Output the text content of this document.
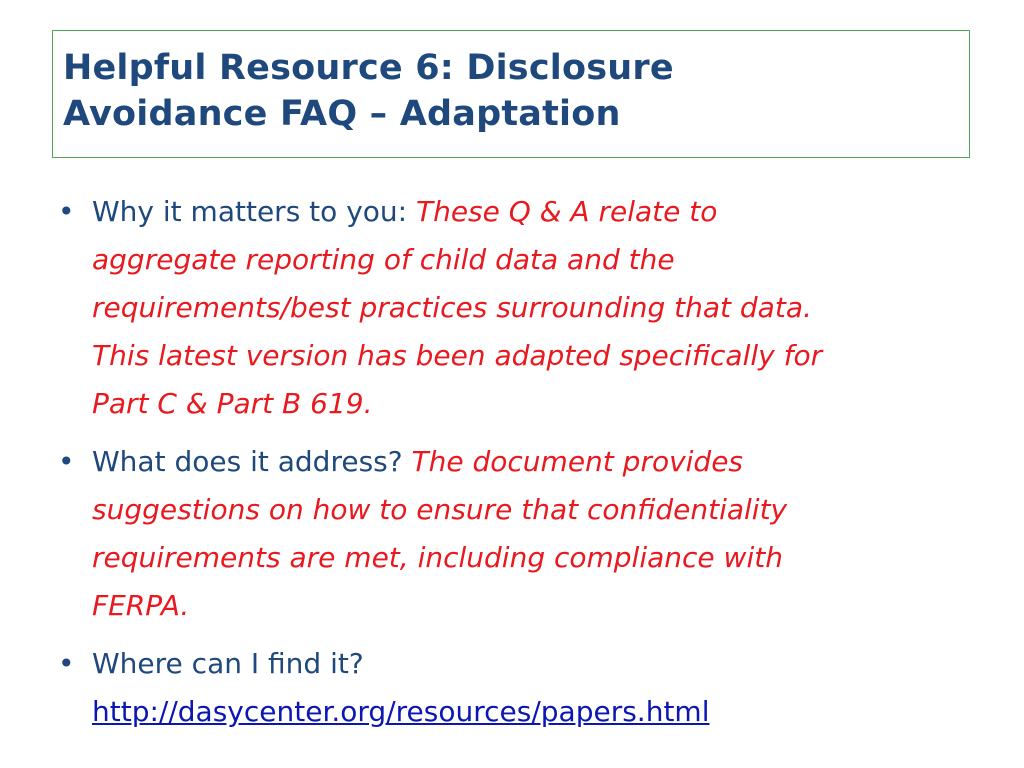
Helpful Resource 6: Disclosure
Avoidance FAQ – Adaptation
• Why it matters to you: These Q & A relate to
aggregate reporting of child data and the
requirements/best practices surrounding that data.
This latest version has been adapted specifically for
Part C & Part B 619.
• What does it address? The document provides
suggestions on how to ensure that confidentiality
requirements are met, including compliance with
FERPA.
• Where can I find it?
http://dasycenter.org/resources/papers.html
